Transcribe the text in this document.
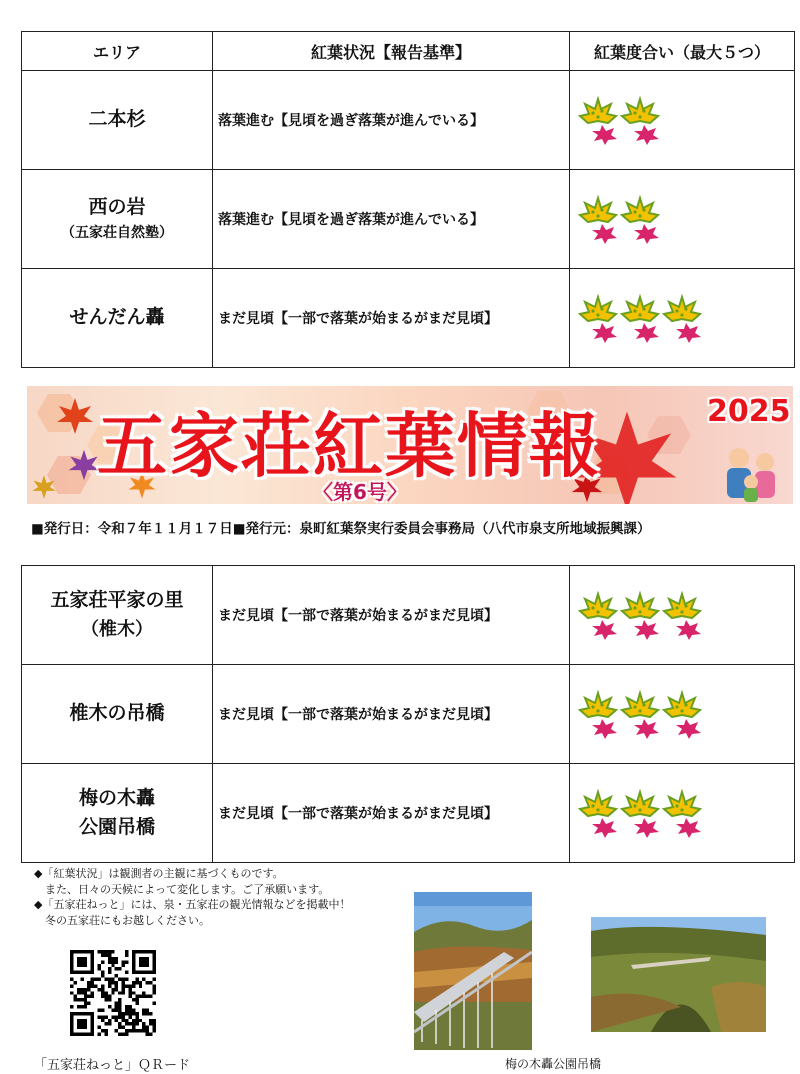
エリア	紅葉状況【報告基準】	紅葉度合い（最大５つ）
二本杉	落葉進む【見頃を過ぎ落葉が進んでいる】	
西の岩
（五家荘自然塾）	落葉進む【見頃を過ぎ落葉が進んでいる】	
せんだん轟	まだ見頃【一部で落葉が始まるがまだ見頃】	
五家荘紅葉情報	2025
〈第6号〉
■発行日：令和７年１１月１７日■発行元：泉町紅葉祭実行委員会事務局（八代市泉支所地域振興課）
五家荘平家の里
（椎木）	まだ見頃【一部で落葉が始まるがまだ見頃】	
椎木の吊橋	まだ見頃【一部で落葉が始まるがまだ見頃】	
梅の木轟
公園吊橋	まだ見頃【一部で落葉が始まるがまだ見頃】	
◆「紅葉状況」は観測者の主観に基づくものです。
　また、日々の天候によって変化します。ご了承願います。
◆「五家荘ねっと」には、泉・五家荘の観光情報などを掲載中！
　冬の五家荘にもお越しください。
「五家荘ねっと」ＱＲード	梅の木轟公園吊橋
